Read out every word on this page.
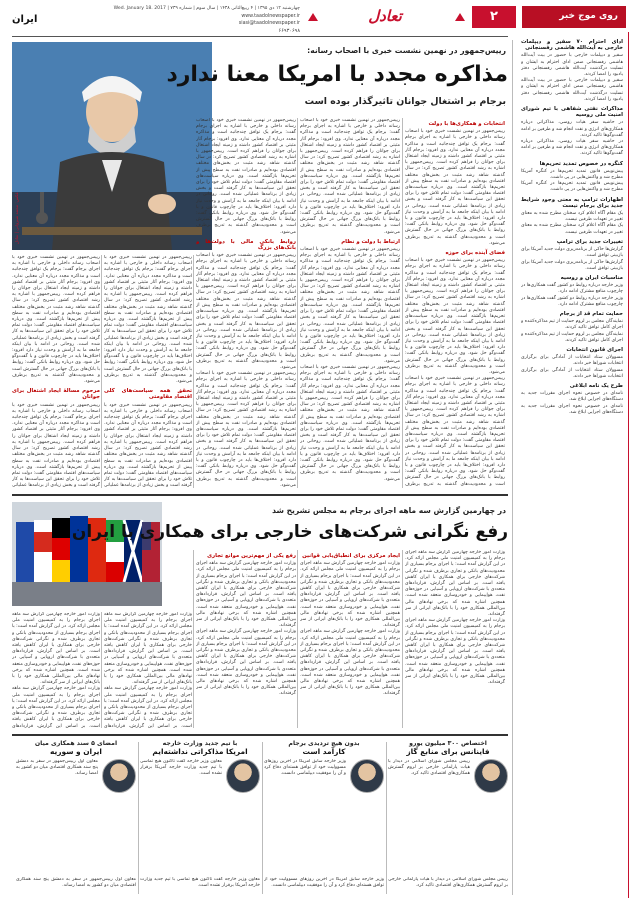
روی موج خبر
۲
تعادل
چهارشنبه ۱۲ دی ۱۳۹۵ | ۴ ربیع‌الثانی ۱۴۳۸ | سال سوم | شماره ۷۳۹ | Wed. January 18. 2017
www.taadolnewspaper.ir
siasi@taadolnewspaper.ir
۶۶۹۳۰۶۹۸
ایران
ادای احترام ۷۰ سفیر و دیپلمات خارجی به آیت‌الله هاشمی رفسنجانی
سفیر و دیپلمات خارجی با حضور در بیت آیت‌الله هاشمی رفسنجانی ضمن ادای احترام به ایشان و تسلیت درگذشت آیت‌الله هاشمی رفسنجانی دفتر یادبود را امضا کردند.
سفیر و دیپلمات خارجی با حضور در بیت آیت‌الله هاشمی رفسنجانی ضمن ادای احترام به ایشان و تسلیت درگذشت آیت‌الله هاشمی رفسنجانی دفتر یادبود را امضا کردند.
مذاکرات نفتی شفاهی با تیم شورای امنیت ملی روسیه
در حاشیه سفر هیات روسی، مذاکراتی درباره همکاری‌های انرژی و نفت انجام شد و طرفین بر ادامه گفت‌وگوها تاکید کردند.
در حاشیه سفر هیات روسی، مذاکراتی درباره همکاری‌های انرژی و نفت انجام شد و طرفین بر ادامه گفت‌وگوها تاکید کردند.
کنگره در خصوص تمدید تحریم‌ها
پیش‌نویس قانون تمدید تحریم‌ها در کنگره آمریکا مطرح شد و واکنش‌هایی در پی داشت.
پیش‌نویس قانون تمدید تحریم‌ها در کنگره آمریکا مطرح شد و واکنش‌هایی در پی داشت.
اظهارات ترامپ به معنی وجود شرایط جدید برای برجام نیست
یک مقام آگاه اعلام کرد سخنان مطرح شده به معنای تغییر در تعهدات طرفین نیست.
یک مقام آگاه اعلام کرد سخنان مطرح شده به معنای تغییر در تعهدات طرفین نیست.
تغییرات جدید برای ترامپ
گزارش‌ها حاکی از برنامه‌ریزی دولت جدید آمریکا برای بازبینی توافق است.
گزارش‌ها حاکی از برنامه‌ریزی دولت جدید آمریکا برای بازبینی توافق است.
مناسبات ایران و روسیه
وزیر خارجه درباره روابط دو کشور گفت همکاری‌ها در چارچوب منافع مشترک ادامه دارد.
وزیر خارجه درباره روابط دو کشور گفت همکاری‌ها در چارچوب منافع مشترک ادامه دارد.
حمایت تمام قد از برجام
نمایندگان مجلس بر لزوم حمایت از تیم مذاکره‌کننده و اجرای کامل توافق تاکید کردند.
نمایندگان مجلس بر لزوم حمایت از تیم مذاکره‌کننده و اجرای کامل توافق تاکید کردند.
اجرای قانون انتخابات
مسوولان ستاد انتخابات از آمادگی برای برگزاری انتخابات شوراها خبر دادند.
مسوولان ستاد انتخابات از آمادگی برای برگزاری انتخابات شوراها خبر دادند.
طرح یک نامه ابلاغی
نامه‌ای در خصوص نحوه اجرای مقررات جدید به دستگاه‌های اجرایی ابلاغ شد.
نامه‌ای در خصوص نحوه اجرای مقررات جدید به دستگاه‌های اجرایی ابلاغ شد.
عکس: محمد شیروانی | تعادل
رییس‌جمهور در نهمین نشست خبری با اصحاب رسانه:
مذاکره مجدد با امریکا معنا ندارد
برجام بر اشتغال جوانان تاثیرگذار بوده است
انتخابات و همکاری‌ها با دولت
رییس‌جمهور در نهمین نشست خبری خود با اصحاب رسانه داخلی و خارجی با اشاره به اجرای برجام گفت: برجام یک توافق چندجانبه است و مذاکره مجدد درباره آن معنایی ندارد. وی افزود: برجام آثار مثبتی بر اقتصاد کشور داشته و زمینه ایجاد اشتغال برای جوانان را فراهم کرده است. رییس‌جمهور با اشاره به رشد اقتصادی کشور تصریح کرد: در سال گذشته شاهد رشد مثبت در بخش‌های مختلف اقتصادی بوده‌ایم و صادرات نفت به سطح پیش از تحریم‌ها بازگشته است. وی درباره سیاست‌های اقتصاد مقاومتی گفت: دولت تمام تلاش خود را برای تحقق این سیاست‌ها به کار گرفته است و بخش زیادی از برنامه‌ها عملیاتی شده است. روحانی در ادامه با بیان اینکه جامعه ما به آرامش و وحدت نیاز دارد افزود: اختلاف‌ها باید در چارچوب قانون و با گفت‌وگو حل شود. وی درباره روابط بانکی گفت: روابط با بانک‌های بزرگ جهانی در حال گسترش است و محدودیت‌های گذشته به تدریج برطرف می‌شود.
فضای آینده برای حوزه
رییس‌جمهور در نهمین نشست خبری خود با اصحاب رسانه داخلی و خارجی با اشاره به اجرای برجام گفت: برجام یک توافق چندجانبه است و مذاکره مجدد درباره آن معنایی ندارد. وی افزود: برجام آثار مثبتی بر اقتصاد کشور داشته و زمینه ایجاد اشتغال برای جوانان را فراهم کرده است. رییس‌جمهور با اشاره به رشد اقتصادی کشور تصریح کرد: در سال گذشته شاهد رشد مثبت در بخش‌های مختلف اقتصادی بوده‌ایم و صادرات نفت به سطح پیش از تحریم‌ها بازگشته است. وی درباره سیاست‌های اقتصاد مقاومتی گفت: دولت تمام تلاش خود را برای تحقق این سیاست‌ها به کار گرفته است و بخش زیادی از برنامه‌ها عملیاتی شده است. روحانی در ادامه با بیان اینکه جامعه ما به آرامش و وحدت نیاز دارد افزود: اختلاف‌ها باید در چارچوب قانون و با گفت‌وگو حل شود. وی درباره روابط بانکی گفت: روابط با بانک‌های بزرگ جهانی در حال گسترش است و محدودیت‌های گذشته به تدریج برطرف می‌شود.
رییس‌جمهور در نهمین نشست خبری خود با اصحاب رسانه داخلی و خارجی با اشاره به اجرای برجام گفت: برجام یک توافق چندجانبه است و مذاکره مجدد درباره آن معنایی ندارد. وی افزود: برجام آثار مثبتی بر اقتصاد کشور داشته و زمینه ایجاد اشتغال برای جوانان را فراهم کرده است. رییس‌جمهور با اشاره به رشد اقتصادی کشور تصریح کرد: در سال گذشته شاهد رشد مثبت در بخش‌های مختلف اقتصادی بوده‌ایم و صادرات نفت به سطح پیش از تحریم‌ها بازگشته است. وی درباره سیاست‌های اقتصاد مقاومتی گفت: دولت تمام تلاش خود را برای تحقق این سیاست‌ها به کار گرفته است و بخش زیادی از برنامه‌ها عملیاتی شده است. روحانی در ادامه با بیان اینکه جامعه ما به آرامش و وحدت نیاز دارد افزود: اختلاف‌ها باید در چارچوب قانون و با گفت‌وگو حل شود. وی درباره روابط بانکی گفت: روابط با بانک‌های بزرگ جهانی در حال گسترش است و محدودیت‌های گذشته به تدریج برطرف
رییس‌جمهور در نهمین نشست خبری خود با اصحاب رسانه داخلی و خارجی با اشاره به اجرای برجام گفت: برجام یک توافق چندجانبه است و مذاکره مجدد درباره آن معنایی ندارد. وی افزود: برجام آثار مثبتی بر اقتصاد کشور داشته و زمینه ایجاد اشتغال برای جوانان را فراهم کرده است. رییس‌جمهور با اشاره به رشد اقتصادی کشور تصریح کرد: در سال گذشته شاهد رشد مثبت در بخش‌های مختلف اقتصادی بوده‌ایم و صادرات نفت به سطح پیش از تحریم‌ها بازگشته است. وی درباره سیاست‌های اقتصاد مقاومتی گفت: دولت تمام تلاش خود را برای تحقق این سیاست‌ها به کار گرفته است و بخش زیادی از برنامه‌ها عملیاتی شده است. روحانی در ادامه با بیان اینکه جامعه ما به آرامش و وحدت نیاز دارد افزود: اختلاف‌ها باید در چارچوب قانون و با گفت‌وگو حل شود. وی درباره روابط بانکی گفت: روابط با بانک‌های بزرگ جهانی در حال گسترش است و محدودیت‌های گذشته به تدریج برطرف می‌شود.
ارتباط با دولت و نظام
رییس‌جمهور در نهمین نشست خبری خود با اصحاب رسانه داخلی و خارجی با اشاره به اجرای برجام گفت: برجام یک توافق چندجانبه است و مذاکره مجدد درباره آن معنایی ندارد. وی افزود: برجام آثار مثبتی بر اقتصاد کشور داشته و زمینه ایجاد اشتغال برای جوانان را فراهم کرده است. رییس‌جمهور با اشاره به رشد اقتصادی کشور تصریح کرد: در سال گذشته شاهد رشد مثبت در بخش‌های مختلف اقتصادی بوده‌ایم و صادرات نفت به سطح پیش از تحریم‌ها بازگشته است. وی درباره سیاست‌های اقتصاد مقاومتی گفت: دولت تمام تلاش خود را برای تحقق این سیاست‌ها به کار گرفته است و بخش زیادی از برنامه‌ها عملیاتی شده است. روحانی در ادامه با بیان اینکه جامعه ما به آرامش و وحدت نیاز دارد افزود: اختلاف‌ها باید در چارچوب قانون و با گفت‌وگو حل شود. وی درباره روابط بانکی گفت: روابط با بانک‌های بزرگ جهانی در حال گسترش است و محدودیت‌های گذشته به تدریج برطرف می‌شود.
رییس‌جمهور در نهمین نشست خبری خود با اصحاب رسانه داخلی و خارجی با اشاره به اجرای برجام گفت: برجام یک توافق چندجانبه است و مذاکره مجدد درباره آن معنایی ندارد. وی افزود: برجام آثار مثبتی بر اقتصاد کشور داشته و زمینه ایجاد اشتغال برای جوانان را فراهم کرده است. رییس‌جمهور با اشاره به رشد اقتصادی کشور تصریح کرد: در سال گذشته شاهد رشد مثبت در بخش‌های مختلف اقتصادی بوده‌ایم و صادرات نفت به سطح پیش از تحریم‌ها بازگشته است. وی درباره سیاست‌های اقتصاد مقاومتی گفت: دولت تمام تلاش خود را برای تحقق این سیاست‌ها به کار گرفته است و بخش زیادی از برنامه‌ها عملیاتی شده است. روحانی در ادامه با بیان اینکه جامعه ما به آرامش و وحدت نیاز دارد افزود: اختلاف‌ها باید در چارچوب قانون و با گفت‌وگو حل شود. وی درباره روابط بانکی گفت: روابط با بانک‌های بزرگ جهانی در حال گسترش است و محدودیت‌های گذشته به تدریج برطرف می‌شود.
رییس‌جمهور در نهمین نشست خبری خود با اصحاب رسانه داخلی و خارجی با اشاره به اجرای برجام گفت: برجام یک توافق چندجانبه است و مذاکره مجدد درباره آن معنایی ندارد. وی افزود: برجام آثار مثبتی بر اقتصاد کشور داشته و زمینه ایجاد اشتغال برای جوانان را فراهم کرده است. رییس‌جمهور با اشاره به رشد اقتصادی کشور تصریح کرد: در سال گذشته شاهد رشد مثبت در بخش‌های مختلف اقتصادی بوده‌ایم و صادرات نفت به سطح پیش از تحریم‌ها بازگشته است. وی درباره سیاست‌های اقتصاد مقاومتی گفت: دولت تمام تلاش خود را برای تحقق این سیاست‌ها به کار گرفته است و بخش زیادی از برنامه‌ها عملیاتی شده است. روحانی در ادامه با بیان اینکه جامعه ما به آرامش و وحدت نیاز دارد افزود: اختلاف‌ها باید در چارچوب قانون و با گفت‌وگو حل شود. وی درباره روابط بانکی گفت: روابط با بانک‌های بزرگ جهانی در حال گسترش است و محدودیت‌های گذشته به تدریج برطرف می‌شود.
روابط بانکی مالی با دولت‌ها و بانک‌های بزرگ
رییس‌جمهور در نهمین نشست خبری خود با اصحاب رسانه داخلی و خارجی با اشاره به اجرای برجام گفت: برجام یک توافق چندجانبه است و مذاکره مجدد درباره آن معنایی ندارد. وی افزود: برجام آثار مثبتی بر اقتصاد کشور داشته و زمینه ایجاد اشتغال برای جوانان را فراهم کرده است. رییس‌جمهور با اشاره به رشد اقتصادی کشور تصریح کرد: در سال گذشته شاهد رشد مثبت در بخش‌های مختلف اقتصادی بوده‌ایم و صادرات نفت به سطح پیش از تحریم‌ها بازگشته است. وی درباره سیاست‌های اقتصاد مقاومتی گفت: دولت تمام تلاش خود را برای تحقق این سیاست‌ها به کار گرفته است و بخش زیادی از برنامه‌ها عملیاتی شده است. روحانی در ادامه با بیان اینکه جامعه ما به آرامش و وحدت نیاز دارد افزود: اختلاف‌ها باید در چارچوب قانون و با گفت‌وگو حل شود. وی درباره روابط بانکی گفت: روابط با بانک‌های بزرگ جهانی در حال گسترش است و محدودیت‌های گذشته به تدریج برطرف می‌شود.
رییس‌جمهور در نهمین نشست خبری خود با اصحاب رسانه داخلی و خارجی با اشاره به اجرای برجام گفت: برجام یک توافق چندجانبه است و مذاکره مجدد درباره آن معنایی ندارد. وی افزود: برجام آثار مثبتی بر اقتصاد کشور داشته و زمینه ایجاد اشتغال برای جوانان را فراهم کرده است. رییس‌جمهور با اشاره به رشد اقتصادی کشور تصریح کرد: در سال گذشته شاهد رشد مثبت در بخش‌های مختلف اقتصادی بوده‌ایم و صادرات نفت به سطح پیش از تحریم‌ها بازگشته است. وی درباره سیاست‌های اقتصاد مقاومتی گفت: دولت تمام تلاش خود را برای تحقق این سیاست‌ها به کار گرفته است و بخش زیادی از برنامه‌ها عملیاتی شده است. روحانی در ادامه با بیان اینکه جامعه ما به آرامش و وحدت نیاز دارد افزود: اختلاف‌ها باید در چارچوب قانون و با گفت‌وگو حل شود. وی درباره روابط بانکی گفت: روابط با بانک‌های بزرگ جهانی در حال گسترش است و محدودیت‌های گذشته به تدریج برطرف می‌شود.
رییس‌جمهور در نهمین نشست خبری خود با اصحاب رسانه داخلی و خارجی با اشاره به اجرای برجام گفت: برجام یک توافق چندجانبه است و مذاکره مجدد درباره آن معنایی ندارد. وی افزود: برجام آثار مثبتی بر اقتصاد کشور داشته و زمینه ایجاد اشتغال برای جوانان را فراهم کرده است. رییس‌جمهور با اشاره به رشد اقتصادی کشور تصریح کرد: در سال گذشته شاهد رشد مثبت در بخش‌های مختلف اقتصادی بوده‌ایم و صادرات نفت به سطح پیش از تحریم‌ها بازگشته است. وی درباره سیاست‌های اقتصاد مقاومتی گفت: دولت تمام تلاش خود را برای تحقق این سیاست‌ها به کار گرفته است و بخش زیادی از برنامه‌ها عملیاتی شده است. روحانی در ادامه با بیان اینکه جامعه ما به آرامش و وحدت نیاز دارد افزود: اختلاف‌ها باید در چارچوب قانون و با گفت‌وگو حل شود. وی درباره روابط بانکی گفت: روابط با بانک‌های بزرگ جهانی در حال گسترش است و محدودیت‌های گذشته به تدریج برطرف می‌شود.
تحقق همه سیاست‌های کلی اقتصاد مقاومتی
رییس‌جمهور در نهمین نشست خبری خود با اصحاب رسانه داخلی و خارجی با اشاره به اجرای برجام گفت: برجام یک توافق چندجانبه است و مذاکره مجدد درباره آن معنایی ندارد. وی افزود: برجام آثار مثبتی بر اقتصاد کشور داشته و زمینه ایجاد اشتغال برای جوانان را فراهم کرده است. رییس‌جمهور با اشاره به رشد اقتصادی کشور تصریح کرد: در سال گذشته شاهد رشد مثبت در بخش‌های مختلف اقتصادی بوده‌ایم و صادرات نفت به سطح پیش از تحریم‌ها بازگشته است. وی درباره سیاست‌های اقتصاد مقاومتی گفت: دولت تمام تلاش خود را برای تحقق این سیاست‌ها به کار گرفته است و بخش زیادی از برنامه‌ها عملیاتی
رییس‌جمهور در نهمین نشست خبری خود با اصحاب رسانه داخلی و خارجی با اشاره به اجرای برجام گفت: برجام یک توافق چندجانبه است و مذاکره مجدد درباره آن معنایی ندارد. وی افزود: برجام آثار مثبتی بر اقتصاد کشور داشته و زمینه ایجاد اشتغال برای جوانان را فراهم کرده است. رییس‌جمهور با اشاره به رشد اقتصادی کشور تصریح کرد: در سال گذشته شاهد رشد مثبت در بخش‌های مختلف اقتصادی بوده‌ایم و صادرات نفت به سطح پیش از تحریم‌ها بازگشته است. وی درباره سیاست‌های اقتصاد مقاومتی گفت: دولت تمام تلاش خود را برای تحقق این سیاست‌ها به کار گرفته است و بخش زیادی از برنامه‌ها عملیاتی شده است. روحانی در ادامه با بیان اینکه جامعه ما به آرامش و وحدت نیاز دارد افزود: اختلاف‌ها باید در چارچوب قانون و با گفت‌وگو حل شود. وی درباره روابط بانکی گفت: روابط با بانک‌های بزرگ جهانی در حال گسترش است و محدودیت‌های گذشته به تدریج برطرف می‌شود.
مرحوم مسالهٔ ایجاد اشتغال برای جوانان
رییس‌جمهور در نهمین نشست خبری خود با اصحاب رسانه داخلی و خارجی با اشاره به اجرای برجام گفت: برجام یک توافق چندجانبه است و مذاکره مجدد درباره آن معنایی ندارد. وی افزود: برجام آثار مثبتی بر اقتصاد کشور داشته و زمینه ایجاد اشتغال برای جوانان را فراهم کرده است. رییس‌جمهور با اشاره به رشد اقتصادی کشور تصریح کرد: در سال گذشته شاهد رشد مثبت در بخش‌های مختلف اقتصادی بوده‌ایم و صادرات نفت به سطح پیش از تحریم‌ها بازگشته است. وی درباره سیاست‌های اقتصاد مقاومتی گفت: دولت تمام تلاش خود را برای تحقق این سیاست‌ها به کار گرفته است و بخش زیادی از برنامه‌ها عملیاتی
در چهارمین گزارش سه ماهه اجرای برجام به مجلس تشریح شد
رفع نگرانی شرکت‌های خارجی برای همکاری با ایران
وزارت امور خارجه چهارمین گزارش سه ماهه اجرای برجام را به کمیسیون امنیت ملی مجلس ارائه کرد. در این گزارش آمده است: با اجرای برجام بسیاری از محدودیت‌های بانکی و تجاری برطرف شده و نگرانی شرکت‌های خارجی برای همکاری با ایران کاهش یافته است. بر اساس این گزارش، قراردادهای متعددی با شرکت‌های اروپایی و آسیایی در حوزه‌های نفت، هواپیمایی و خودروسازی منعقد شده است. همچنین اشاره شده که برخی نهادهای مالی بین‌المللی همکاری خود را با بانک‌های ایرانی از سر گرفته‌اند.
وزارت امور خارجه چهارمین گزارش سه ماهه اجرای برجام را به کمیسیون امنیت ملی مجلس ارائه کرد. در این گزارش آمده است: با اجرای برجام بسیاری از محدودیت‌های بانکی و تجاری برطرف شده و نگرانی شرکت‌های خارجی برای همکاری با ایران کاهش یافته است. بر اساس این گزارش، قراردادهای متعددی با شرکت‌های اروپایی و آسیایی در حوزه‌های نفت، هواپیمایی و خودروسازی منعقد شده است. همچنین اشاره شده که برخی نهادهای مالی بین‌المللی همکاری خود را با بانک‌های ایرانی از سر گرفته‌اند.
ایجاد مرکزی برای انطباق‌یابی قوانین
وزارت امور خارجه چهارمین گزارش سه ماهه اجرای برجام را به کمیسیون امنیت ملی مجلس ارائه کرد. در این گزارش آمده است: با اجرای برجام بسیاری از محدودیت‌های بانکی و تجاری برطرف شده و نگرانی شرکت‌های خارجی برای همکاری با ایران کاهش یافته است. بر اساس این گزارش، قراردادهای متعددی با شرکت‌های اروپایی و آسیایی در حوزه‌های نفت، هواپیمایی و خودروسازی منعقد شده است. همچنین اشاره شده که برخی نهادهای مالی بین‌المللی همکاری خود را با بانک‌های ایرانی از سر گرفته‌اند.
وزارت امور خارجه چهارمین گزارش سه ماهه اجرای برجام را به کمیسیون امنیت ملی مجلس ارائه کرد. در این گزارش آمده است: با اجرای برجام بسیاری از محدودیت‌های بانکی و تجاری برطرف شده و نگرانی شرکت‌های خارجی برای همکاری با ایران کاهش یافته است. بر اساس این گزارش، قراردادهای متعددی با شرکت‌های اروپایی و آسیایی در حوزه‌های نفت، هواپیمایی و خودروسازی منعقد شده است. همچنین اشاره شده که برخی نهادهای مالی بین‌المللی همکاری خود را با بانک‌های ایرانی از سر گرفته‌اند.
رفع یکی از مهم‌ترین موانع تجاری
وزارت امور خارجه چهارمین گزارش سه ماهه اجرای برجام را به کمیسیون امنیت ملی مجلس ارائه کرد. در این گزارش آمده است: با اجرای برجام بسیاری از محدودیت‌های بانکی و تجاری برطرف شده و نگرانی شرکت‌های خارجی برای همکاری با ایران کاهش یافته است. بر اساس این گزارش، قراردادهای متعددی با شرکت‌های اروپایی و آسیایی در حوزه‌های نفت، هواپیمایی و خودروسازی منعقد شده است. همچنین اشاره شده که برخی نهادهای مالی بین‌المللی همکاری خود را با بانک‌های ایرانی از سر گرفته‌اند.
وزارت امور خارجه چهارمین گزارش سه ماهه اجرای برجام را به کمیسیون امنیت ملی مجلس ارائه کرد. در این گزارش آمده است: با اجرای برجام بسیاری از محدودیت‌های بانکی و تجاری برطرف شده و نگرانی شرکت‌های خارجی برای همکاری با ایران کاهش یافته است. بر اساس این گزارش، قراردادهای متعددی با شرکت‌های اروپایی و آسیایی در حوزه‌های نفت، هواپیمایی و خودروسازی منعقد شده است. همچنین اشاره شده که برخی نهادهای مالی بین‌المللی همکاری خود را با بانک‌های ایرانی از سر گرفته‌اند.
وزارت امور خارجه چهارمین گزارش سه ماهه اجرای برجام را به کمیسیون امنیت ملی مجلس ارائه کرد. در این گزارش آمده است: با اجرای برجام بسیاری از محدودیت‌های بانکی و تجاری برطرف شده و نگرانی شرکت‌های خارجی برای همکاری با ایران کاهش یافته است. بر اساس این گزارش، قراردادهای متعددی با شرکت‌های اروپایی و آسیایی در حوزه‌های نفت، هواپیمایی و خودروسازی منعقد شده است. همچنین اشاره شده که برخی نهادهای مالی بین‌المللی همکاری خود را با بانک‌های ایرانی از سر گرفته‌اند.
وزارت امور خارجه چهارمین گزارش سه ماهه اجرای برجام را به کمیسیون امنیت ملی مجلس ارائه کرد. در این گزارش آمده است: با اجرای برجام بسیاری از محدودیت‌های بانکی و تجاری برطرف شده و نگرانی شرکت‌های خارجی برای همکاری با ایران کاهش یافته است. بر اساس این گزارش، قراردادهای
وزارت امور خارجه چهارمین گزارش سه ماهه اجرای برجام را به کمیسیون امنیت ملی مجلس ارائه کرد. در این گزارش آمده است: با اجرای برجام بسیاری از محدودیت‌های بانکی و تجاری برطرف شده و نگرانی شرکت‌های خارجی برای همکاری با ایران کاهش یافته است. بر اساس این گزارش، قراردادهای متعددی با شرکت‌های اروپایی و آسیایی در حوزه‌های نفت، هواپیمایی و خودروسازی منعقد شده است. همچنین اشاره شده که برخی نهادهای مالی بین‌المللی همکاری خود را با بانک‌های ایرانی از سر گرفته‌اند.
وزارت امور خارجه چهارمین گزارش سه ماهه اجرای برجام را به کمیسیون امنیت ملی مجلس ارائه کرد. در این گزارش آمده است: با اجرای برجام بسیاری از محدودیت‌های بانکی و تجاری برطرف شده و نگرانی شرکت‌های خارجی برای همکاری با ایران کاهش یافته است. بر اساس این گزارش، قراردادهای
اختصاص ۳۰۰ میلیون یورو
فاینانس برای منابع گاز
رییس مجلس شورای اسلامی در دیدار با هیات پارلمانی خارجی بر لزوم گسترش همکاری‌های اقتصادی تاکید کرد.
رییس مجلس شورای اسلامی در دیدار با هیات پارلمانی خارجی بر لزوم گسترش همکاری‌های اقتصادی تاکید کرد.
بدون هیچ تردیدی برجام
کارآمد است
وزیر خارجه سابق آمریکا در آخرین روزهای مسوولیت خود از توافق هسته‌ای دفاع کرد و آن را موفقیت دیپلماسی دانست.
وزیر خارجه سابق آمریکا در آخرین روزهای مسوولیت خود از توافق هسته‌ای دفاع کرد و آن را موفقیت دیپلماسی دانست.
با تیم جدید وزارت خارجه
امریکا مذاکراتی نداشته‌ایم
معاون وزیر خارجه گفت تاکنون هیچ تماسی با تیم جدید وزارت خارجه آمریکا برقرار نشده است.
معاون وزیر خارجه گفت تاکنون هیچ تماسی با تیم جدید وزارت خارجه آمریکا برقرار نشده است.
امضای ۵ سند همکاری میان
ایران و سوریه
معاون اول رییس‌جمهور در سفر به دمشق پنج سند همکاری اقتصادی میان دو کشور به امضا رساند.
معاون اول رییس‌جمهور در سفر به دمشق پنج سند همکاری اقتصادی میان دو کشور به امضا رساند.
